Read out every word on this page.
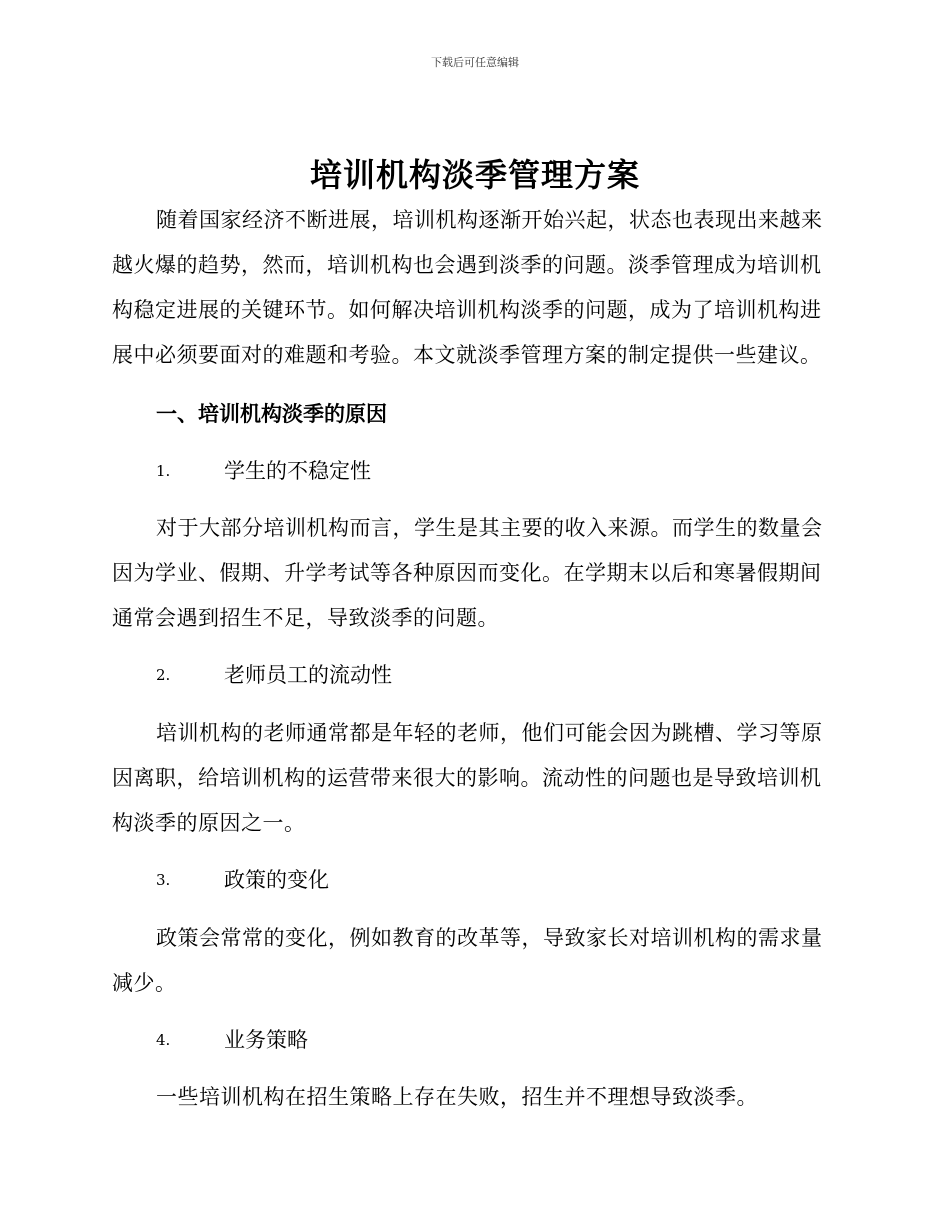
下载后可任意编辑
培训机构淡季管理方案

随着国家经济不断进展，培训机构逐渐开始兴起，状态也表现出来越来越火爆的趋势，然而，培训机构也会遇到淡季的问题。淡季管理成为培训机构稳定进展的关键环节。如何解决培训机构淡季的问题，成为了培训机构进展中必须要面对的难题和考验。本文就淡季管理方案的制定提供一些建议。

一、培训机构淡季的原因
1.	学生的不稳定性

对于大部分培训机构而言，学生是其主要的收入来源。而学生的数量会因为学业、假期、升学考试等各种原因而变化。在学期末以后和寒暑假期间通常会遇到招生不足，导致淡季的问题。

2.	老师员工的流动性

培训机构的老师通常都是年轻的老师，他们可能会因为跳槽、学习等原因离职，给培训机构的运营带来很大的影响。流动性的问题也是导致培训机构淡季的原因之一。

3.	政策的变化

政策会常常的变化，例如教育的改革等，导致家长对培训机构的需求量减少。

4.	业务策略

一些培训机构在招生策略上存在失败，招生并不理想导致淡季。
